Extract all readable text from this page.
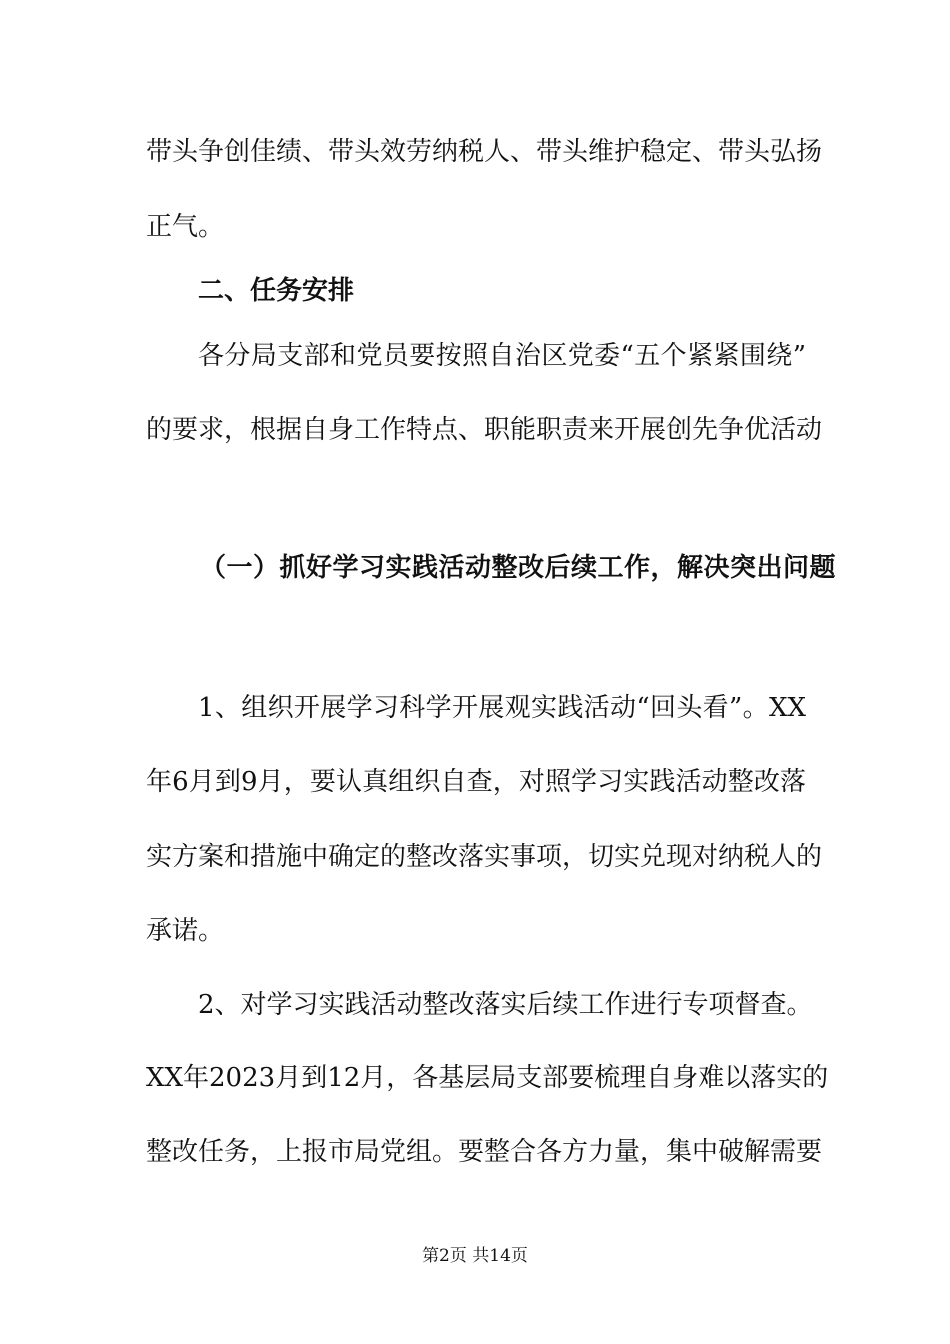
带头争创佳绩、带头效劳纳税人、带头维护稳定、带头弘扬
正气。
二、任务安排
各分局支部和党员要按照自治区党委“五个紧紧围绕”
的要求，根据自身工作特点、职能职责来开展创先争优活动
（一）抓好学习实践活动整改后续工作，解决突出问题
1、组织开展学习科学开展观实践活动“回头看”。XX
年6月到9月，要认真组织自查，对照学习实践活动整改落
实方案和措施中确定的整改落实事项，切实兑现对纳税人的
承诺。
2、对学习实践活动整改落实后续工作进行专项督查。
XX年2023月到12月，各基层局支部要梳理自身难以落实的
整改任务，上报市局党组。要整合各方力量，集中破解需要
第2页 共14页
